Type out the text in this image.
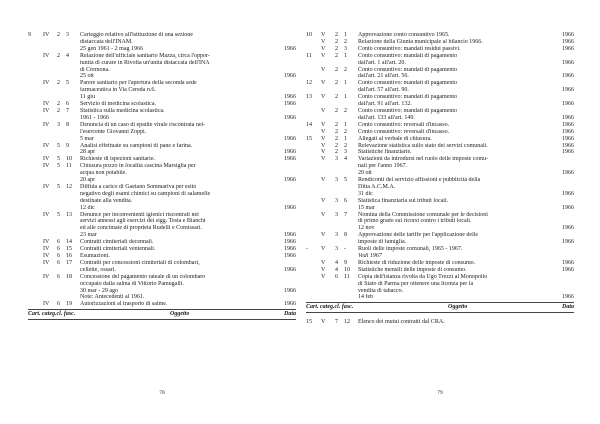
9	IV	2	3	Carteggio relativo all'istituzione di una sezione
distaccata dell'INAM.
25 gen 1961 - 2 mag 1966	1966
IV	2	4	Relazione dell'ufficiale sanitario Mazza, circa l'oppor-
tunità di curare in Rivolta un'unità distaccata dell'INA
di Cremona.
25 ott	1966
IV	2	5	Parere sanitario per l'apertura della seconda sede
farmaceutica in Via Cereda n.6.
11 giu	1966
IV	2	6	Servizio di medicina scolastica.	1966
IV	2	7	Statistica sulla medicina scolastica.
1961 - 1966	1966
IV	3	8	Denuncia di un caso di epatite virale riscontrata nel-
l'esercente Giovanni Zoppi.
5 mar	1966
IV	5	9	Analisi effettuate su campioni di pane e farina.
28 apr	1966
IV	5	10	Richieste di ispezioni sanitarie.	1966
IV	5	11	Chiusura pozzo in località cascina Marsiglia per
acqua non potabile.
20 apr	1966
IV	5	12	Diffida a carico di Gaetano Sommariva per esito
negativo degli esami chimici su campioni di salamelle
destinate alla vendita.
12 dic	1966
IV	5	13	Denunce per inconvenienti igienici riscontrati nei
servizi annessi agli esercizi dei sigg. Testa e Bianchi
ed alle concimaie di proprietà Rudelli e Comissari.
23 mar	1966
IV	6	14	Contratti cimiteriali decennali.	1966
IV	6	15	Contratti cimiteriali ventennali.	1966
IV	6	16	Esumazioni.	1966
IV	6	17	Contratti per concessioni cimiteriali di colombari,
cellette, ossari.	1966
IV	6	18	Concessione del pagamento rateale di un colombaro
occupato dalla salma di Vittorio Pamugalli.
30 mar - 29 ago	1966
Note: Antecedenti al 1961.
IV	6	19	Autorizzazioni al trasporto di salme.	1966
Cart. categ.cl. fasc.	Oggetto	Data
78
10	V	2	1	Approvazione conto consuntivo 1965.	1966
V	2	2	Relazione della Giunta municipale al bilancio 1966.	1966
V	2	3	Conto consuntivo: mandati residui passivi.	1966
11	V	2	1	Conto consuntivo: mandati di pagamento
dall'art. 1 all'art. 20.	1966
V	2	2	Conto consuntivo: mandati di pagamento
dall'art. 21 all'art. 56.	1966
12	V	2	1	Conto consuntivo: mandati di pagamento
dall'art. 57 all'art. 90.	1966
13	V	2	1	Conto consuntivo: mandati di pagamento
dall'art. 91 all'art. 132.	1966
V	2	2	Conto consuntivo: mandati di pagamento
dall'art. 133 all'art. 149.	1966
14	V	2	1	Conto consuntivo: reversali d'incasso.	1966
V	2	2	Conto consuntivo: reversali d'incasso.	1966
15	V	2	1	Allegati al verbale di chiusura.	1966
V	2	2	Relevazione statistica sullo stato dei servizi comunali.	1966
V	2	3	Statistiche finanziarie.	1966
V	3	4	Variazioni da introdursi nel ruolo delle imposte comu-
nali per l'anno 1967.
20 ott	1966
V	3	5	Rendiconti del servizio affissioni e pubblicità della
Ditta A.C.M.A.
31 dic	1966
V	3	6	Statistica finanziaria sui tributi locali.
15 mar	1966
V	3	7	Nomina della Commissione comunale per le decisioni
di primo grado sui ricorsi contro i tributi locali.
12 nov	1966
V	3	8	Approvazione delle tariffe per l'applicazione delle
imposte di famiglia.	1966
-	V	3	-	Ruoli delle imposte comunali, 1965 - 1967.
Vedi 1967
V	4	9	Richieste di riduzione delle imposte di consumo.	1966
V	4	10	Statistiche mensili delle imposte di consumo.	1966
V	6	11	Copia dell'istanza rivolta da Ugo Trezzi al Monopolio
di Stato di Parma per ottenere una licenza per la
vendita di tabacco.
14 feb	1966
Cart. categ.cl. fasc.	Oggetto	Data
15	V	7	12	Elenco dei mutui contratti dal CRA.
79
